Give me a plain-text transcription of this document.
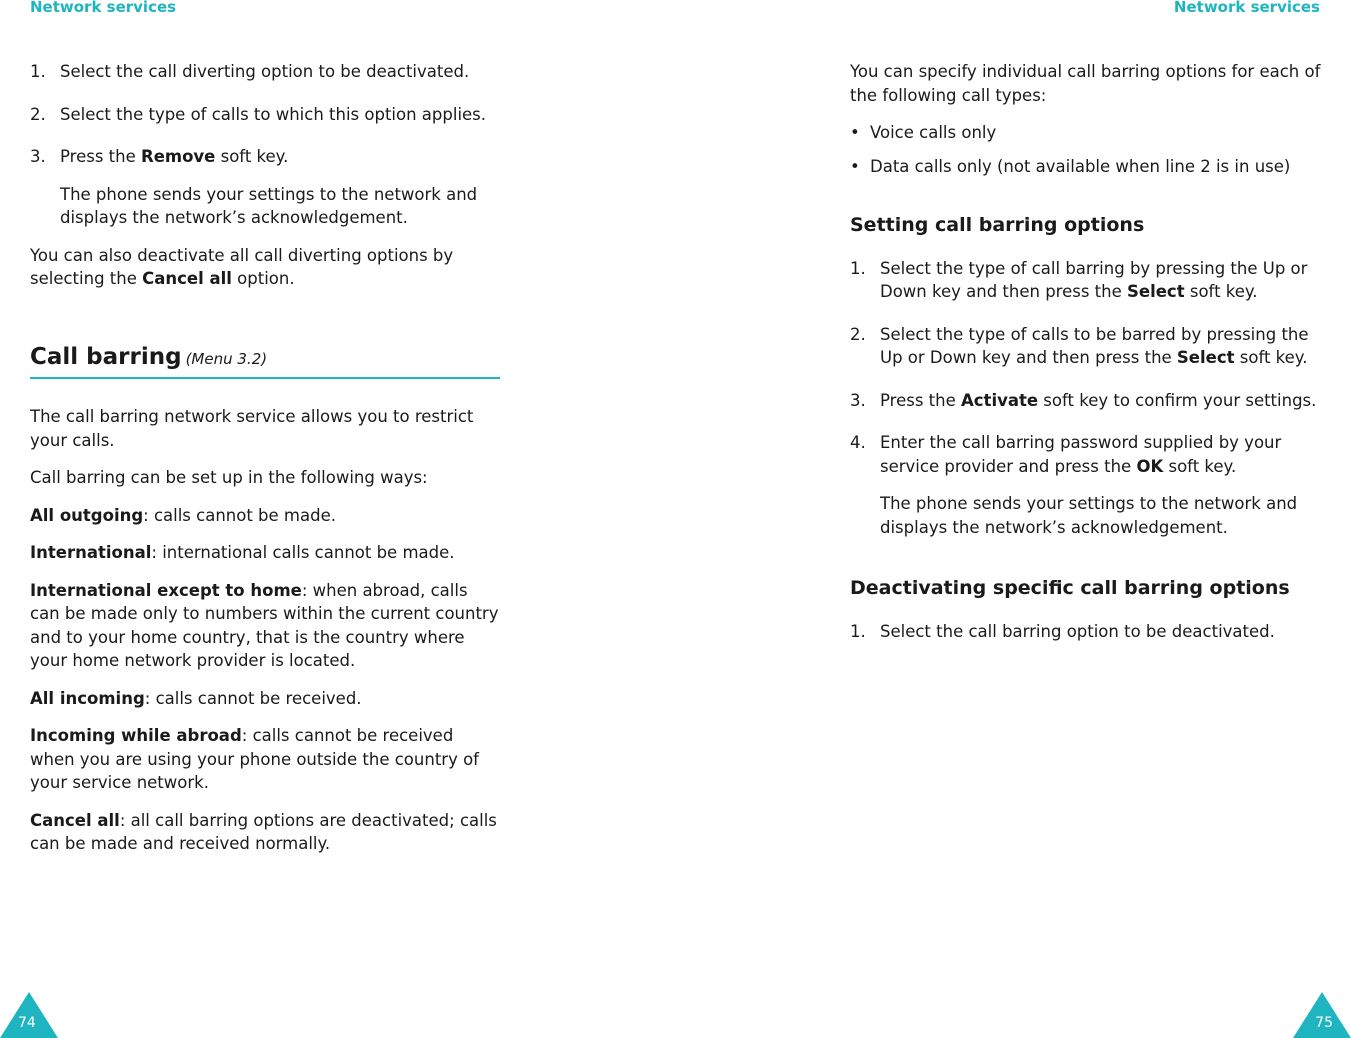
Network services
1. Select the call diverting option to be deactivated.
2. Select the type of calls to which this option applies.
3. Press the Remove soft key.

The phone sends your settings to the network and displays the network’s acknowledgement.

You can also deactivate all call diverting options by selecting the Cancel all option.

Call barring (Menu 3.2)

The call barring network service allows you to restrict your calls.

Call barring can be set up in the following ways:

All outgoing: calls cannot be made.

International: international calls cannot be made.

International except to home: when abroad, calls can be made only to numbers within the current country and to your home country, that is the country where your home network provider is located.

All incoming: calls cannot be received.

Incoming while abroad: calls cannot be received when you are using your phone outside the country of your service network.

Cancel all: all call barring options are deactivated; calls can be made and received normally.

74
Network services

You can specify individual call barring options for each of the following call types:

• Voice calls only
• Data calls only (not available when line 2 is in use)
Setting call barring options
1. Select the type of call barring by pressing the Up or Down key and then press the Select soft key.
2. Select the type of calls to be barred by pressing the Up or Down key and then press the Select soft key.
3. Press the Activate soft key to confirm your settings.
4. Enter the call barring password supplied by your service provider and press the OK soft key.

The phone sends your settings to the network and displays the network’s acknowledgement.

Deactivating specific call barring options
1. Select the call barring option to be deactivated.
75
